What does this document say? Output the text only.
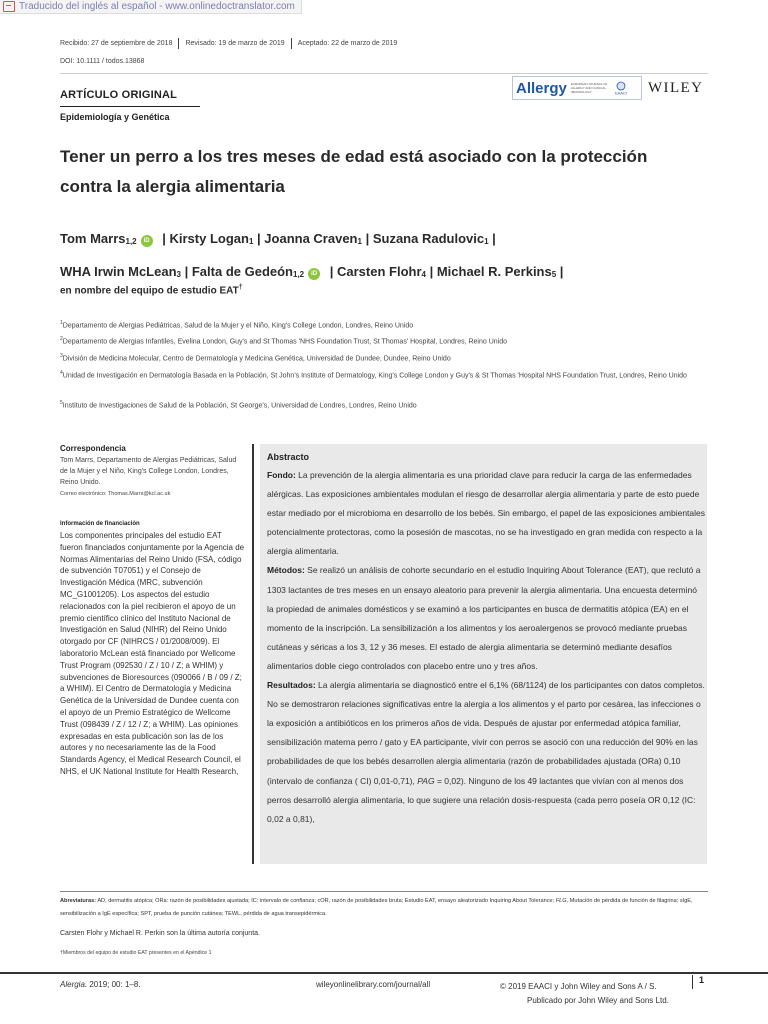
Traducido del inglés al español - www.onlinedoctranslator.com
Recibido: 27 de septiembre de 2018 Revisado: 19 de marzo de 2019 Aceptado: 22 de marzo de 2019
DOI: 10.1111 / todos.13868
ARTÍCULO ORIGINAL
Epidemiología y Genética
Allergy EUROPEAN JOURNAL OF ALLERGY AND CLINICAL IMMUNOLOGY	EAACI WILEY
Tener un perro a los tres meses de edad está asociado con la protección contra la alergia alimentaria
Tom Marrs$_{1,2}$ iD | Kirsty Logan$_1$ | Joanna Craven$_1$ | Suzana Radulovic$_1$ |
WHA Irwin McLean$_3$ | Falta de Gedeón$_{1,2}$ iD | Carsten Flohr$_4$ | Michael R. Perkins$_5$ |
en nombre del equipo de estudio EAT†
$^1$Departamento de Alergias Pediátricas, Salud de la Mujer y el Niño, King's College London, Londres, Reino Unido
$^2$Departamento de Alergias Infantiles, Evelina London, Guy's and St Thomas 'NHS Foundation Trust, St Thomas' Hospital, Londres, Reino Unido
$^3$División de Medicina Molecular, Centro de Dermatología y Medicina Genética, Universidad de Dundee, Dundee, Reino Unido
$^4$Unidad de Investigación en Dermatología Basada en la Población, St John's Institute of Dermatology, King's College London y Guy's & St Thomas 'Hospital NHS Foundation Trust, Londres, Reino Unido
$^5$Instituto de Investigaciones de Salud de la Población, St George's, Universidad de Londres, Londres, Reino Unido
Correspondencia
Tom Marrs, Departamento de Alergias Pediátricas, Salud de la Mujer y el Niño, King's College London, Londres, Reino Unido.
Correo electrónico: Thomas.Marrs@kcl.ac.uk
Información de financiación
Los componentes principales del estudio EAT fueron financiados conjuntamente por la Agencia de Normas Alimentarias del Reino Unido (FSA, código de subvención T07051) y el Consejo de Investigación Médica (MRC, subvención MC_G1001205). Los aspectos del estudio relacionados con la piel recibieron el apoyo de un premio científico clínico del Instituto Nacional de Investigación en Salud (NIHR) del Reino Unido otorgado por CF (NIHRCS / 01/2008/009). El laboratorio McLean está financiado por Wellcome Trust Program (092530 / Z / 10 / Z; a WHIM) y subvenciones de Bioresources (090066 / B / 09 / Z; a WHIM). El Centro de Dermatología y Medicina Genética de la Universidad de Dundee cuenta con el apoyo de un Premio Estratégico de Wellcome Trust (098439 / Z / 12 / Z; a WHIM). Las opiniones expresadas en esta publicación son las de los autores y no necesariamente las de la Food Standards Agency, el Medical Research Council, el NHS, el UK National Institute for Health Research,
Abstracto
Fondo: La prevención de la alergia alimentaria es una prioridad clave para reducir la carga de las enfermedades alérgicas. Las exposiciones ambientales modulan el riesgo de desarrollar alergia alimentaria y parte de esto puede estar mediado por el microbioma en desarrollo de los bebés. Sin embargo, el papel de las exposiciones ambientales potencialmente protectoras, como la posesión de mascotas, no se ha investigado en gran medida con respecto a la alergia alimentaria.
Métodos: Se realizó un análisis de cohorte secundario en el estudio Inquiring About Tolerance (EAT), que reclutó a 1303 lactantes de tres meses en un ensayo aleatorio para prevenir la alergia alimentaria. Una encuesta determinó la propiedad de animales domésticos y se examinó a los participantes en busca de dermatitis atópica (EA) en el momento de la inscripción. La sensibilización a los alimentos y los aeroalergenos se provocó mediante pruebas cutáneas y séricas a los 3, 12 y 36 meses. El estado de alergia alimentaria se determinó mediante desafíos alimentarios doble ciego controlados con placebo entre uno y tres años.
Resultados: La alergia alimentaria se diagnosticó entre el 6,1% (68/1124) de los participantes con datos completos. No se demostraron relaciones significativas entre la alergia a los alimentos y el parto por cesárea, las infecciones o la exposición a antibióticos en los primeros años de vida. Después de ajustar por enfermedad atópica familiar, sensibilización materna perro / gato y EA participante, vivir con perros se asoció con una reducción del 90% en las probabilidades de que los bebés desarrollen alergia alimentaria (razón de probabilidades ajustada (ORa) 0,10 (intervalo de confianza ( CI) 0,01-0,71), PAG = 0,02). Ninguno de los 49 lactantes que vivían con al menos dos perros desarrolló alergia alimentaria, lo que sugiere una relación dosis-respuesta (cada perro poseía OR 0,12 (IC: 0,02 a 0,81),
Abreviaturas: AD, dermatitis atópica; ORa: razón de posibilidades ajustada; IC: intervalo de confianza; cOR, razón de posibilidades bruta; Estudio EAT, ensayo aleatorizado Inquiring About Tolerance; FLG, Mutación de pérdida de función de filagrina; sIgE, sensibilización a IgE específica; SPT, prueba de punción cutánea; TEWL, pérdida de agua transepidérmica.
Carsten Flohr y Michael R. Perkin son la última autoría conjunta.
†Miembros del equipo de estudio EAT presentes en el Apéndice 1
Alergia. 2019; 00: 1–8.	wileyonlinelibrary.com/journal/all	© 2019 EAACI y John Wiley and Sons A / S.
Publicado por John Wiley and Sons Ltd.
1
